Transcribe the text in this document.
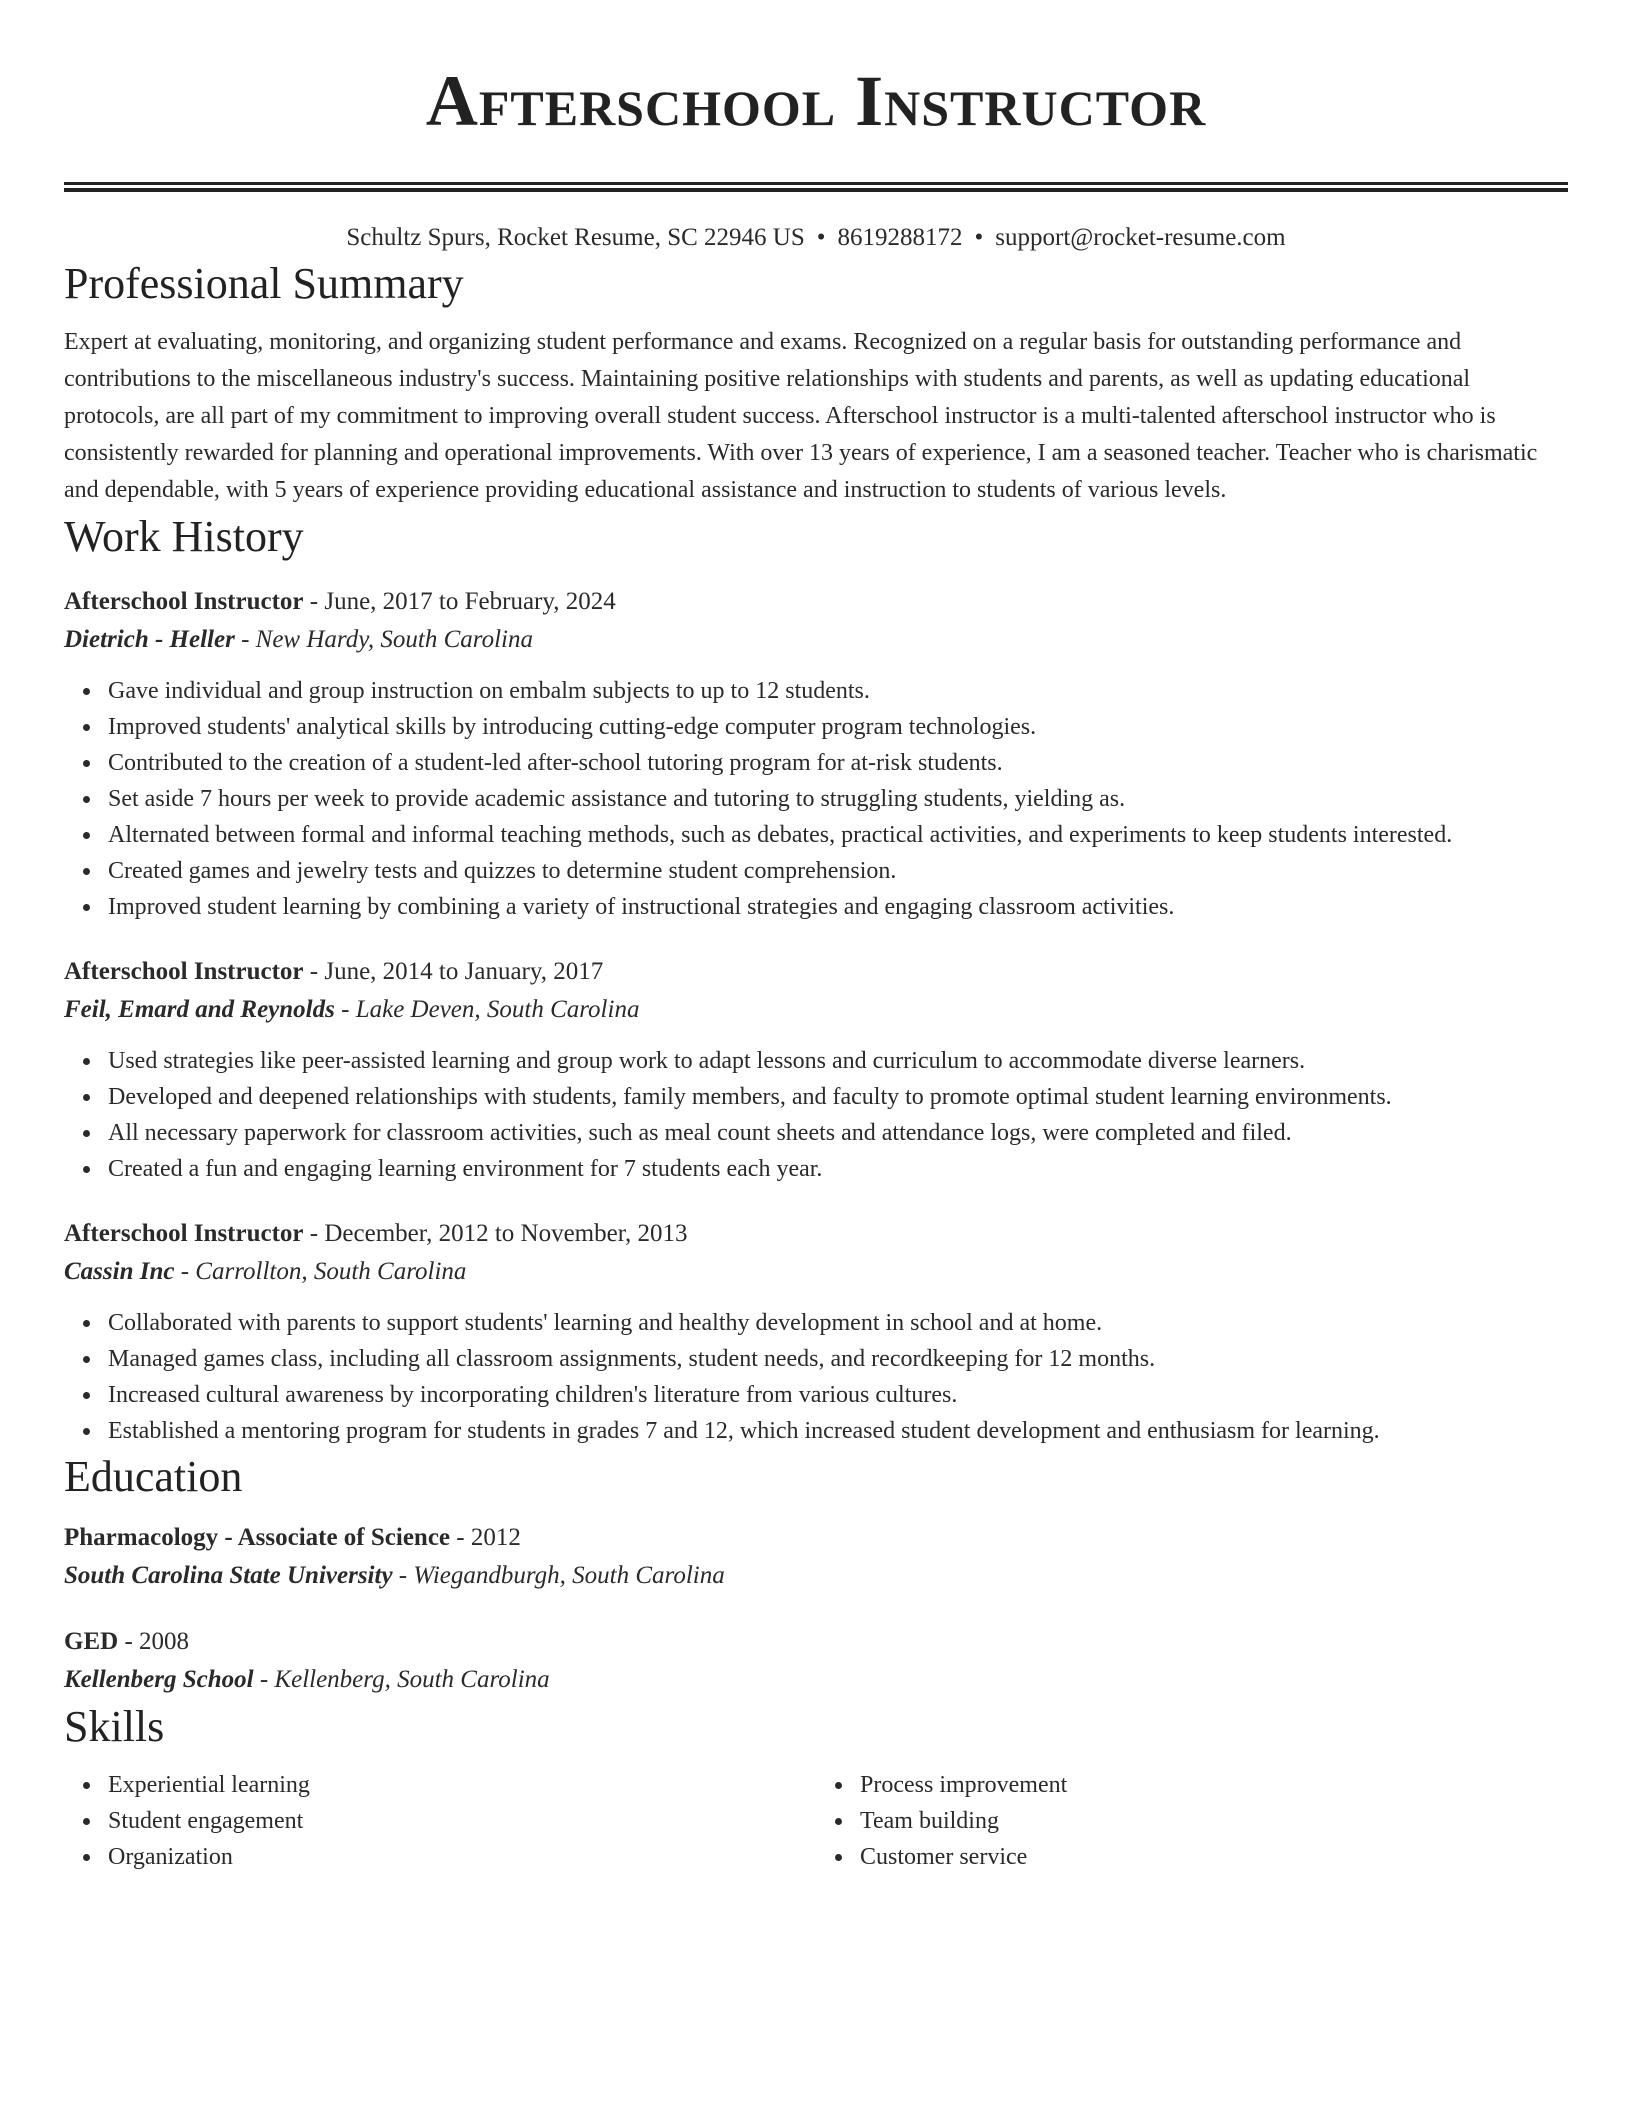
Afterschool Instructor
Schultz Spurs, Rocket Resume, SC 22946 US • 8619288172 • support@rocket-resume.com
Professional Summary

Expert at evaluating, monitoring, and organizing student performance and exams. Recognized on a regular basis for outstanding performance and contributions to the miscellaneous industry's success. Maintaining positive relationships with students and parents, as well as updating educational protocols, are all part of my commitment to improving overall student success. Afterschool instructor is a multi-talented afterschool instructor who is consistently rewarded for planning and operational improvements. With over 13 years of experience, I am a seasoned teacher. Teacher who is charismatic and dependable, with 5 years of experience providing educational assistance and instruction to students of various levels.

Work History
Afterschool Instructor - June, 2017 to February, 2024
Dietrich - Heller - New Hardy, South Carolina
Gave individual and group instruction on embalm subjects to up to 12 students.
Improved students' analytical skills by introducing cutting-edge computer program technologies.
Contributed to the creation of a student-led after-school tutoring program for at-risk students.
Set aside 7 hours per week to provide academic assistance and tutoring to struggling students, yielding as.
Alternated between formal and informal teaching methods, such as debates, practical activities, and experiments to keep students interested.
Created games and jewelry tests and quizzes to determine student comprehension.
Improved student learning by combining a variety of instructional strategies and engaging classroom activities.
Afterschool Instructor - June, 2014 to January, 2017
Feil, Emard and Reynolds - Lake Deven, South Carolina
Used strategies like peer-assisted learning and group work to adapt lessons and curriculum to accommodate diverse learners.
Developed and deepened relationships with students, family members, and faculty to promote optimal student learning environments.
All necessary paperwork for classroom activities, such as meal count sheets and attendance logs, were completed and filed.
Created a fun and engaging learning environment for 7 students each year.
Afterschool Instructor - December, 2012 to November, 2013
Cassin Inc - Carrollton, South Carolina
Collaborated with parents to support students' learning and healthy development in school and at home.
Managed games class, including all classroom assignments, student needs, and recordkeeping for 12 months.
Increased cultural awareness by incorporating children's literature from various cultures.
Established a mentoring program for students in grades 7 and 12, which increased student development and enthusiasm for learning.
Education
Pharmacology - Associate of Science - 2012
South Carolina State University - Wiegandburgh, South Carolina
GED - 2008
Kellenberg School - Kellenberg, South Carolina
Skills
Experiential learning
Student engagement
Organization
Process improvement
Team building
Customer service
